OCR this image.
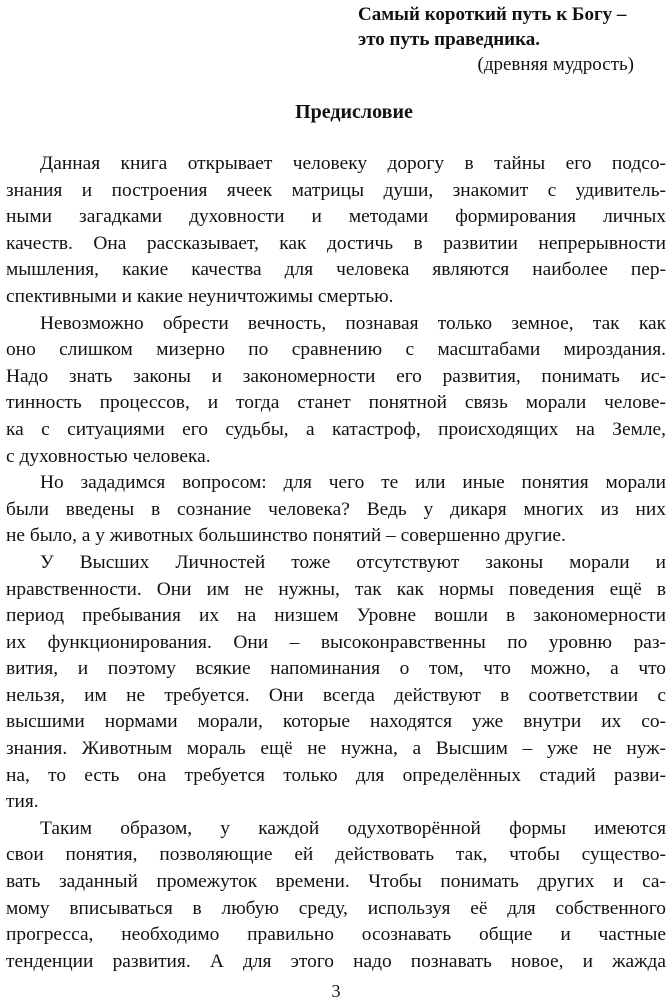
Самый короткий путь к Богу –
это путь праведника.
(древняя мудрость)
Предисловие
Данная книга открывает человеку дорогу в тайны его подсо-
знания и построения ячеек матрицы души, знакомит с удивитель-
ными загадками духовности и методами формирования личных
качеств. Она рассказывает, как достичь в развитии непрерывности
мышления, какие качества для человека являются наиболее пер-
спективными и какие неуничтожимы смертью.
Невозможно обрести вечность, познавая только земное, так как
оно слишком мизерно по сравнению с масштабами мироздания.
Надо знать законы и закономерности его развития, понимать ис-
тинность процессов, и тогда станет понятной связь морали челове-
ка с ситуациями его судьбы, а катастроф, происходящих на Земле,
с духовностью человека.
Но зададимся вопросом: для чего те или иные понятия морали
были введены в сознание человека? Ведь у дикаря многих из них
не было, а у животных большинство понятий – совершенно другие.
У Высших Личностей тоже отсутствуют законы морали и
нравственности. Они им не нужны, так как нормы поведения ещё в
период пребывания их на низшем Уровне вошли в закономерности
их функционирования. Они – высоконравственны по уровню раз-
вития, и поэтому всякие напоминания о том, что можно, а что
нельзя, им не требуется. Они всегда действуют в соответствии с
высшими нормами морали, которые находятся уже внутри их со-
знания. Животным мораль ещё не нужна, а Высшим – уже не нуж-
на, то есть она требуется только для определённых стадий разви-
тия.
Таким образом, у каждой одухотворённой формы имеются
свои понятия, позволяющие ей действовать так, чтобы существо-
вать заданный промежуток времени. Чтобы понимать других и са-
мому вписываться в любую среду, используя её для собственного
прогресса, необходимо правильно осознавать общие и частные
тенденции развития. А для этого надо познавать новое, и жажда
3
